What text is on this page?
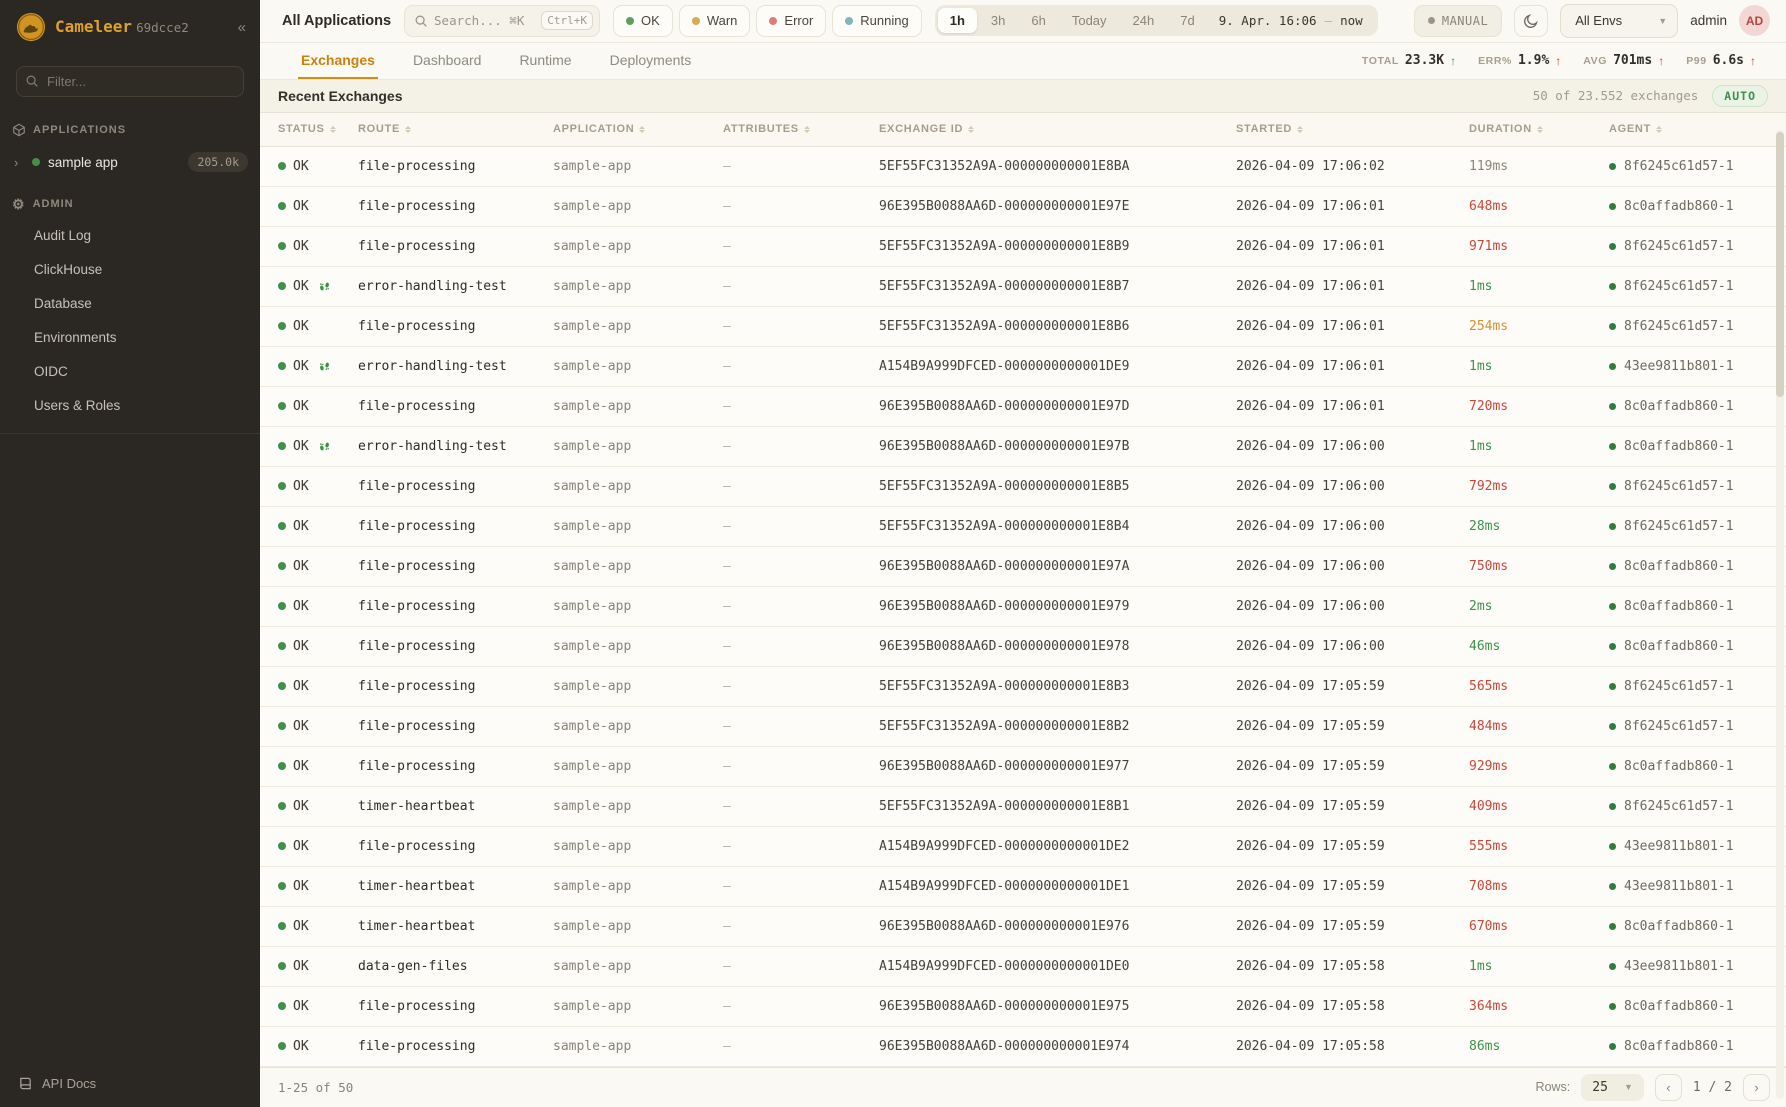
Cameleer 69dcce2	«
Filter...
APPLICATIONS
›	sample app	205.0k
⚙ ADMIN
Audit Log
ClickHouse
Database
Environments
OIDC
Users & Roles
API Docs
All Applications
Search... ⌘K	Ctrl+K	OK	Warn	Error	Running	1h	3h	6h	Today	24h	7d	9. Apr. 16:06 — now	MANUAL	All Envs	▼ admin	AD
Exchanges	Dashboard	Runtime	Deployments	TOTAL 23.3K ↑ ERR% 1.9% ↑ AVG 701ms ↑ P99 6.6s ↑
Recent Exchanges	50 of 23.552 exchanges	AUTO
STATUS	ROUTE	APPLICATION	ATTRIBUTES	EXCHANGE ID	STARTED	DURATION	AGENT
OK	file-processing	sample-app	—	5EF55FC31352A9A-000000000001E8BA	2026-04-09 17:06:02	119ms	8f6245c61d57-1
OK	file-processing	sample-app	—	96E395B0088AA6D-000000000001E97E	2026-04-09 17:06:01	648ms	8c0affadb860-1
OK	file-processing	sample-app	—	5EF55FC31352A9A-000000000001E8B9	2026-04-09 17:06:01	971ms	8f6245c61d57-1
OK	error-handling-test	sample-app	—	5EF55FC31352A9A-000000000001E8B7	2026-04-09 17:06:01	1ms	8f6245c61d57-1
OK	file-processing	sample-app	—	5EF55FC31352A9A-000000000001E8B6	2026-04-09 17:06:01	254ms	8f6245c61d57-1
OK	error-handling-test	sample-app	—	A154B9A999DFCED-0000000000001DE9	2026-04-09 17:06:01	1ms	43ee9811b801-1
OK	file-processing	sample-app	—	96E395B0088AA6D-000000000001E97D	2026-04-09 17:06:01	720ms	8c0affadb860-1
OK	error-handling-test	sample-app	—	96E395B0088AA6D-000000000001E97B	2026-04-09 17:06:00	1ms	8c0affadb860-1
OK	file-processing	sample-app	—	5EF55FC31352A9A-000000000001E8B5	2026-04-09 17:06:00	792ms	8f6245c61d57-1
OK	file-processing	sample-app	—	5EF55FC31352A9A-000000000001E8B4	2026-04-09 17:06:00	28ms	8f6245c61d57-1
OK	file-processing	sample-app	—	96E395B0088AA6D-000000000001E97A	2026-04-09 17:06:00	750ms	8c0affadb860-1
OK	file-processing	sample-app	—	96E395B0088AA6D-000000000001E979	2026-04-09 17:06:00	2ms	8c0affadb860-1
OK	file-processing	sample-app	—	96E395B0088AA6D-000000000001E978	2026-04-09 17:06:00	46ms	8c0affadb860-1
OK	file-processing	sample-app	—	5EF55FC31352A9A-000000000001E8B3	2026-04-09 17:05:59	565ms	8f6245c61d57-1
OK	file-processing	sample-app	—	5EF55FC31352A9A-000000000001E8B2	2026-04-09 17:05:59	484ms	8f6245c61d57-1
OK	file-processing	sample-app	—	96E395B0088AA6D-000000000001E977	2026-04-09 17:05:59	929ms	8c0affadb860-1
OK	timer-heartbeat	sample-app	—	5EF55FC31352A9A-000000000001E8B1	2026-04-09 17:05:59	409ms	8f6245c61d57-1
OK	file-processing	sample-app	—	A154B9A999DFCED-0000000000001DE2	2026-04-09 17:05:59	555ms	43ee9811b801-1
OK	timer-heartbeat	sample-app	—	A154B9A999DFCED-0000000000001DE1	2026-04-09 17:05:59	708ms	43ee9811b801-1
OK	timer-heartbeat	sample-app	—	96E395B0088AA6D-000000000001E976	2026-04-09 17:05:59	670ms	8c0affadb860-1
OK	data-gen-files	sample-app	—	A154B9A999DFCED-0000000000001DE0	2026-04-09 17:05:58	1ms	43ee9811b801-1
OK	file-processing	sample-app	—	96E395B0088AA6D-000000000001E975	2026-04-09 17:05:58	364ms	8c0affadb860-1
OK	file-processing	sample-app	—	96E395B0088AA6D-000000000001E974	2026-04-09 17:05:58	86ms	8c0affadb860-1
1-25 of 50	Rows: 25 ▼	‹	1 / 2	›
